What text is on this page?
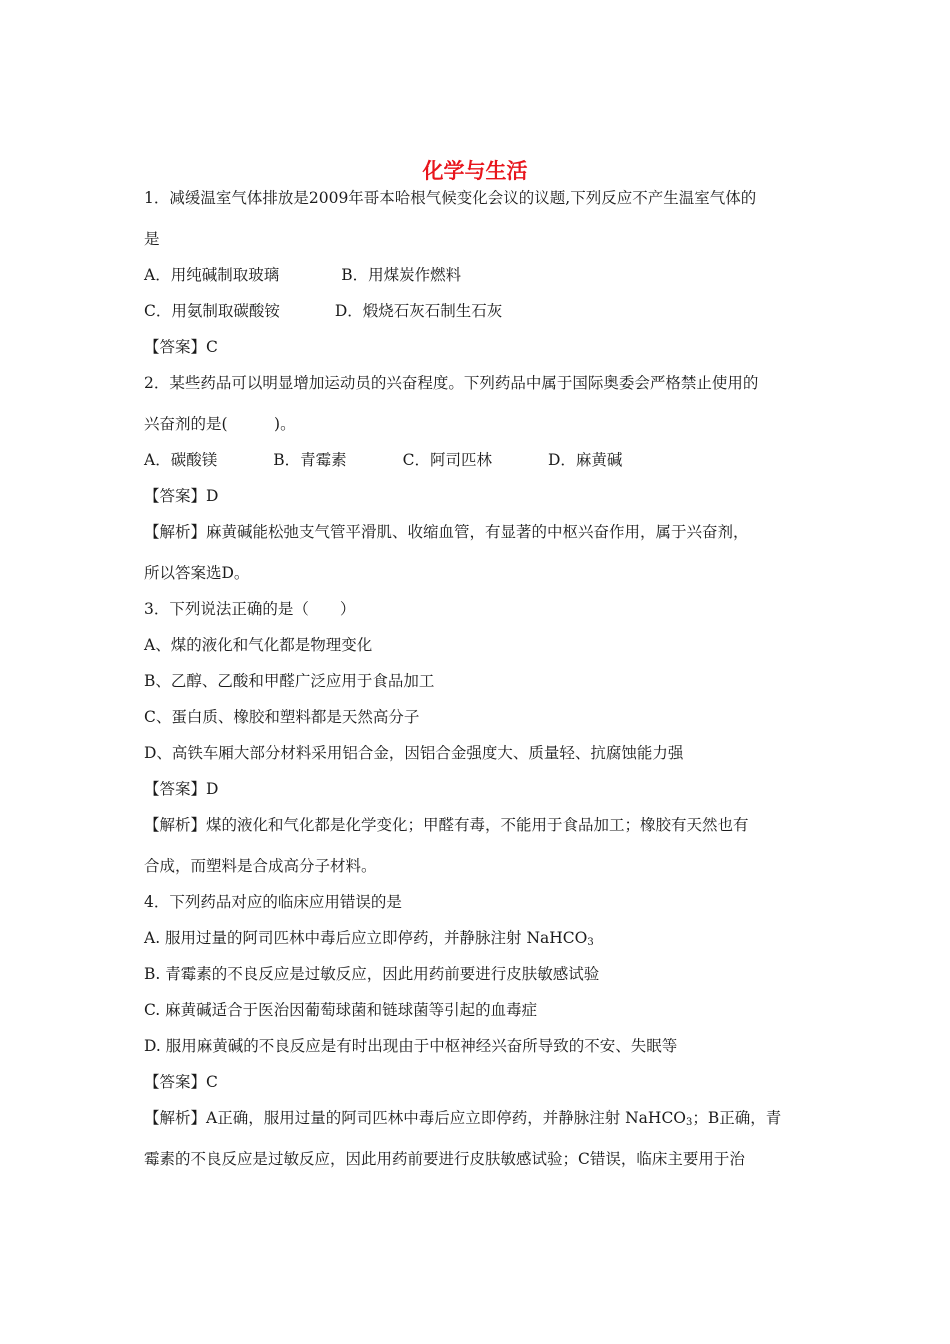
化学与生活
1．减缓温室气体排放是2009年哥本哈根气候变化会议的议题,下列反应不产生温室气体的
是
A．用纯碱制取玻璃	B．用煤炭作燃料
C．用氨制取碳酸铵	D．煅烧石灰石制生石灰
【答案】C
2．某些药品可以明显增加运动员的兴奋程度。下列药品中属于国际奥委会严格禁止使用的
兴奋剂的是(　　　)。
A．碳酸镁	B．青霉素	C．阿司匹林	D．麻黄碱
【答案】D
【解析】麻黄碱能松弛支气管平滑肌、收缩血管，有显著的中枢兴奋作用，属于兴奋剂，
所以答案选D。
3．下列说法正确的是（　　）
A、煤的液化和气化都是物理变化
B、乙醇、乙酸和甲醛广泛应用于食品加工
C、蛋白质、橡胶和塑料都是天然高分子
D、高铁车厢大部分材料采用铝合金，因铝合金强度大、质量轻、抗腐蚀能力强
【答案】D
【解析】煤的液化和气化都是化学变化；甲醛有毒，不能用于食品加工；橡胶有天然也有
合成，而塑料是合成高分子材料。
4．下列药品对应的临床应用错误的是
A. 服用过量的阿司匹林中毒后应立即停药，并静脉注射 NaHCO$_3$
B. 青霉素的不良反应是过敏反应，因此用药前要进行皮肤敏感试验
C. 麻黄碱适合于医治因葡萄球菌和链球菌等引起的血毒症
D. 服用麻黄碱的不良反应是有时出现由于中枢神经兴奋所导致的不安、失眠等
【答案】C
【解析】A正确，服用过量的阿司匹林中毒后应立即停药，并静脉注射 NaHCO$_3$；B正确，青
霉素的不良反应是过敏反应，因此用药前要进行皮肤敏感试验；C错误，临床主要用于治
